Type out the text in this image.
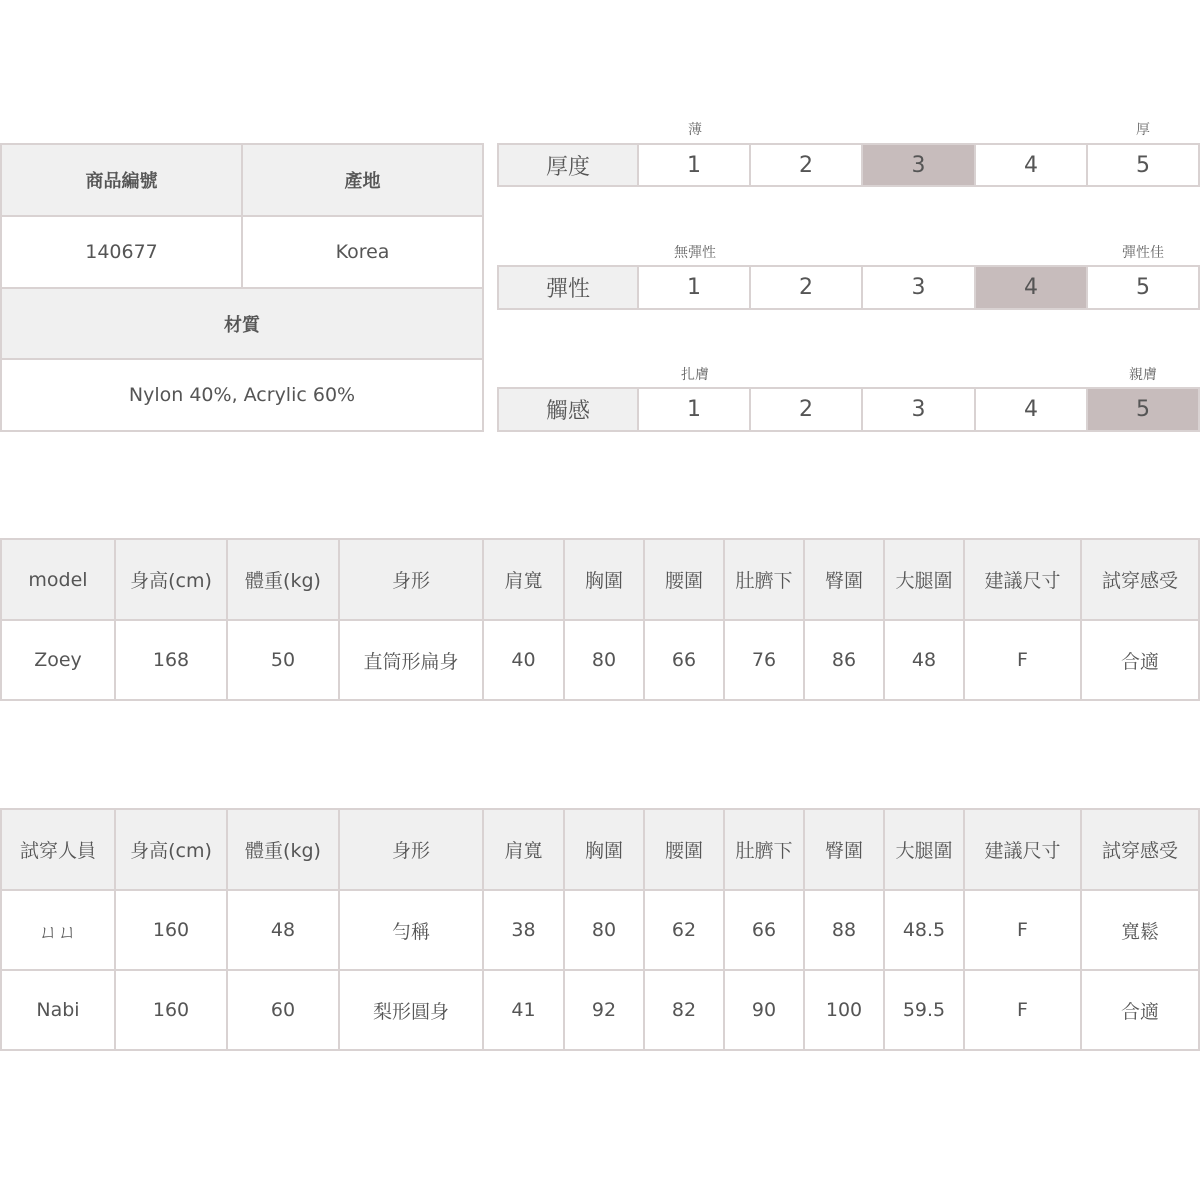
商品編號	產地
140677	Korea
材質
Nylon 40%, Acrylic 60%
薄	厚
厚度	1	2	3	4	5
無彈性	彈性佳
彈性	1	2	3	4	5
扎膚	親膚
觸感	1	2	3	4	5
model	身高(cm)	體重(kg)	身形	肩寬	胸圍	腰圍	肚臍下	臀圍	大腿圍	建議尺寸	試穿感受
Zoey	168	50	直筒形扁身	40	80	66	76	86	48	F	合適
試穿人員	身高(cm)	體重(kg)	身形	肩寬	胸圍	腰圍	肚臍下	臀圍	大腿圍	建議尺寸	試穿感受
ㄩㄩ	160	48	勻稱	38	80	62	66	88	48.5	F	寬鬆
Nabi	160	60	梨形圓身	41	92	82	90	100	59.5	F	合適
